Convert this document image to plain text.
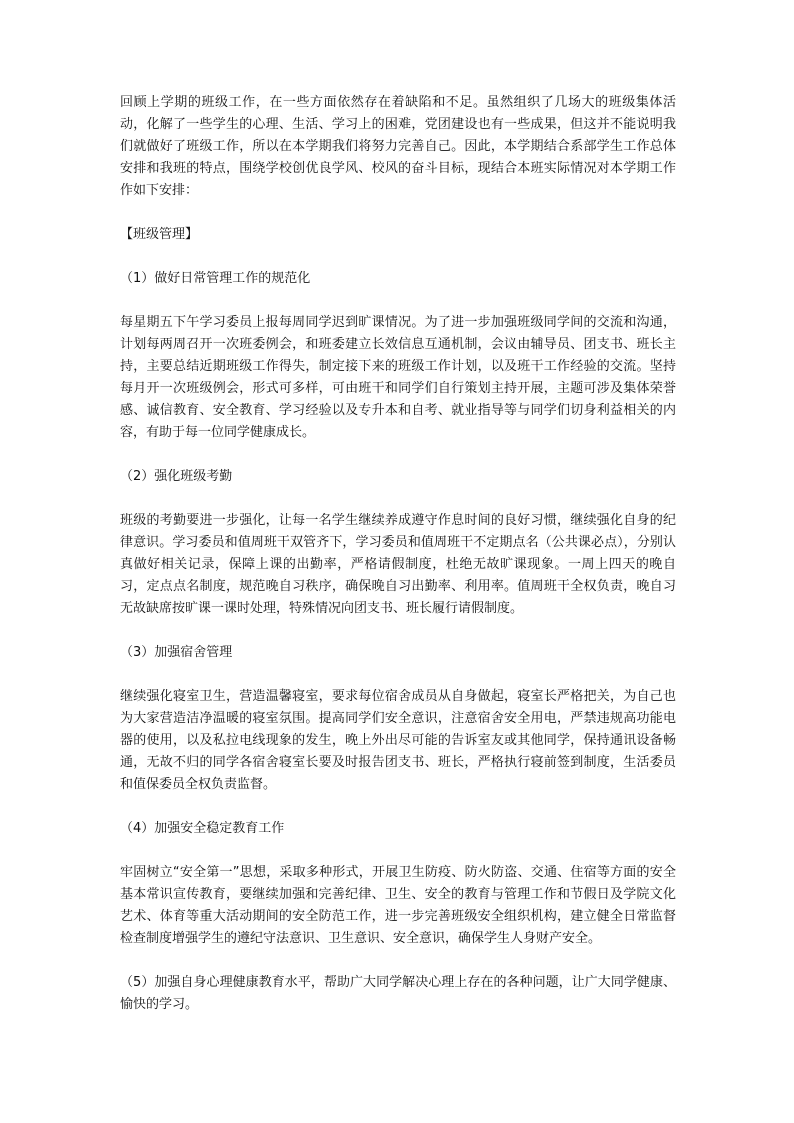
回顾上学期的班级工作，在一些方面依然存在着缺陷和不足。虽然组织了几场大的班级集体活动，化解了一些学生的心理、生活、学习上的困难，党团建设也有一些成果，但这并不能说明我们就做好了班级工作，所以在本学期我们将努力完善自己。因此，本学期结合系部学生工作总体安排和我班的特点，围绕学校创优良学风、校风的奋斗目标，现结合本班实际情况对本学期工作作如下安排：

【班级管理】

（1）做好日常管理工作的规范化

每星期五下午学习委员上报每周同学迟到旷课情况。为了进一步加强班级同学间的交流和沟通，计划每两周召开一次班委例会，和班委建立长效信息互通机制，会议由辅导员、团支书、班长主持，主要总结近期班级工作得失，制定接下来的班级工作计划，以及班干工作经验的交流。坚持每月开一次班级例会，形式可多样，可由班干和同学们自行策划主持开展，主题可涉及集体荣誉感、诚信教育、安全教育、学习经验以及专升本和自考、就业指导等与同学们切身利益相关的内容，有助于每一位同学健康成长。

（2）强化班级考勤

班级的考勤要进一步强化，让每一名学生继续养成遵守作息时间的良好习惯，继续强化自身的纪律意识。学习委员和值周班干双管齐下，学习委员和值周班干不定期点名（公共课必点），分别认真做好相关记录，保障上课的出勤率，严格请假制度，杜绝无故旷课现象。一周上四天的晚自习，定点点名制度，规范晚自习秩序，确保晚自习出勤率、利用率。值周班干全权负责，晚自习无故缺席按旷课一课时处理，特殊情况向团支书、班长履行请假制度。

（3）加强宿舍管理

继续强化寝室卫生，营造温馨寝室，要求每位宿舍成员从自身做起，寝室长严格把关，为自己也为大家营造洁净温暖的寝室氛围。提高同学们安全意识，注意宿舍安全用电，严禁违规高功能电器的使用，以及私拉电线现象的发生，晚上外出尽可能的告诉室友或其他同学，保持通讯设备畅通，无故不归的同学各宿舍寝室长要及时报告团支书、班长，严格执行寝前签到制度，生活委员和值保委员全权负责监督。

（4）加强安全稳定教育工作

牢固树立“安全第一”思想，采取多种形式，开展卫生防疫、防火防盗、交通、住宿等方面的安全基本常识宣传教育，要继续加强和完善纪律、卫生、安全的教育与管理工作和节假日及学院文化艺术、体育等重大活动期间的安全防范工作，进一步完善班级安全组织机构，建立健全日常监督检查制度增强学生的遵纪守法意识、卫生意识、安全意识，确保学生人身财产安全。

（5）加强自身心理健康教育水平，帮助广大同学解决心理上存在的各种问题，让广大同学健康、愉快的学习。
